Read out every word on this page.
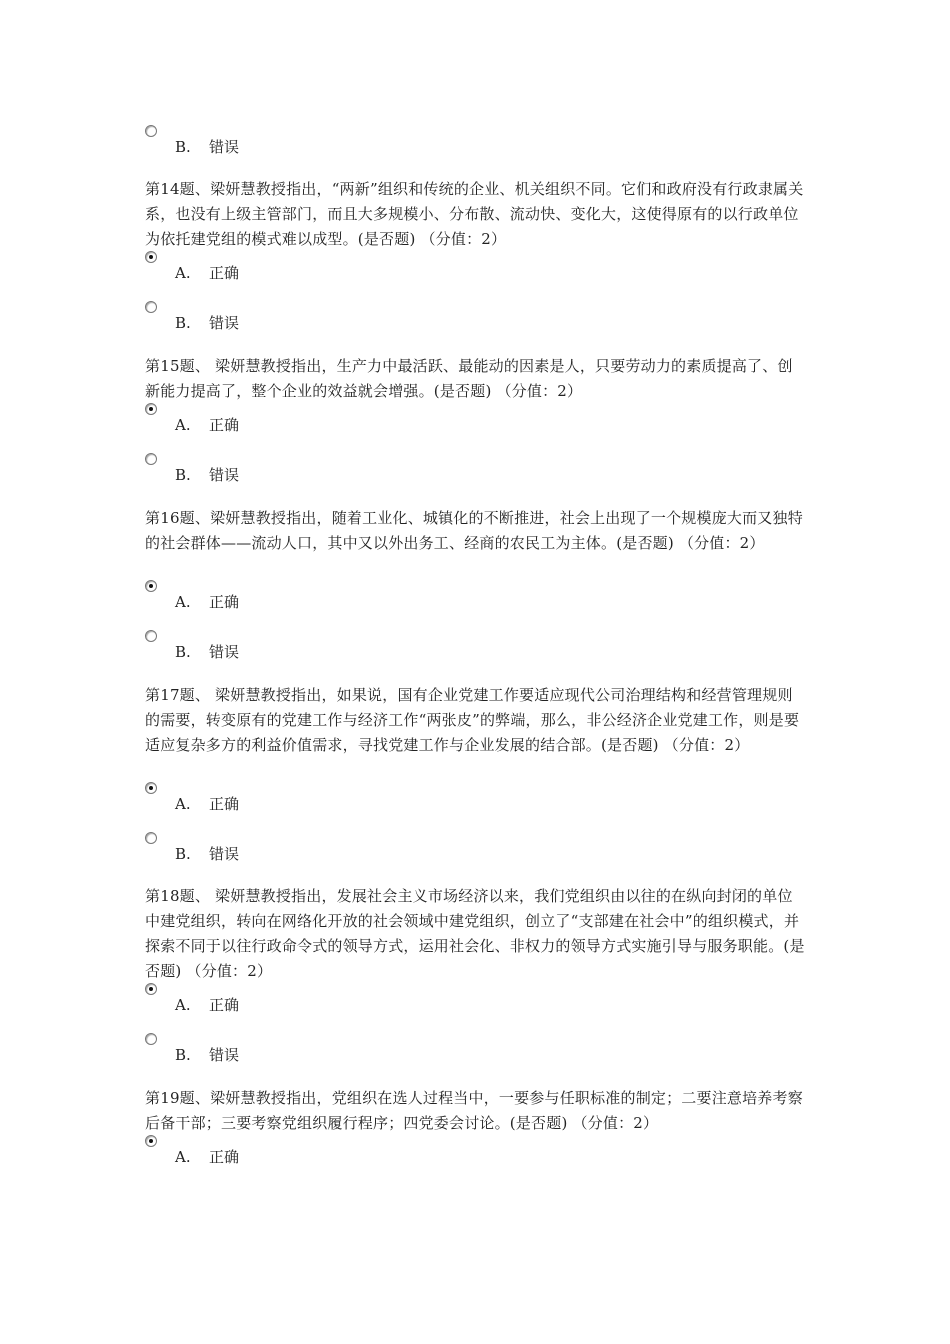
B. 错误

第14题、梁妍慧教授指出，“两新”组织和传统的企业、机关组织不同。它们和政府没有行政隶属关系，也没有上级主管部门，而且大多规模小、分布散、流动快、变化大，这使得原有的以行政单位为依托建党组的模式难以成型。(是否题) （分值：2）

A. 正确
B. 错误

第15题、 梁妍慧教授指出，生产力中最活跃、最能动的因素是人，只要劳动力的素质提高了、创新能力提高了，整个企业的效益就会增强。(是否题) （分值：2）

A. 正确
B. 错误

第16题、梁妍慧教授指出，随着工业化、城镇化的不断推进，社会上出现了一个规模庞大而又独特的社会群体——流动人口，其中又以外出务工、经商的农民工为主体。(是否题) （分值：2）

A. 正确
B. 错误

第17题、 梁妍慧教授指出，如果说，国有企业党建工作要适应现代公司治理结构和经营管理规则的需要，转变原有的党建工作与经济工作“两张皮”的弊端，那么，非公经济企业党建工作，则是要适应复杂多方的利益价值需求，寻找党建工作与企业发展的结合部。(是否题) （分值：2）

A. 正确
B. 错误

第18题、 梁妍慧教授指出，发展社会主义市场经济以来，我们党组织由以往的在纵向封闭的单位中建党组织，转向在网络化开放的社会领域中建党组织，创立了“支部建在社会中”的组织模式，并探索不同于以往行政命令式的领导方式，运用社会化、非权力的领导方式实施引导与服务职能。(是否题) （分值：2）

A. 正确
B. 错误

第19题、梁妍慧教授指出，党组织在选人过程当中，一要参与任职标准的制定；二要注意培养考察后备干部；三要考察党组织履行程序；四党委会讨论。(是否题) （分值：2）

A. 正确
